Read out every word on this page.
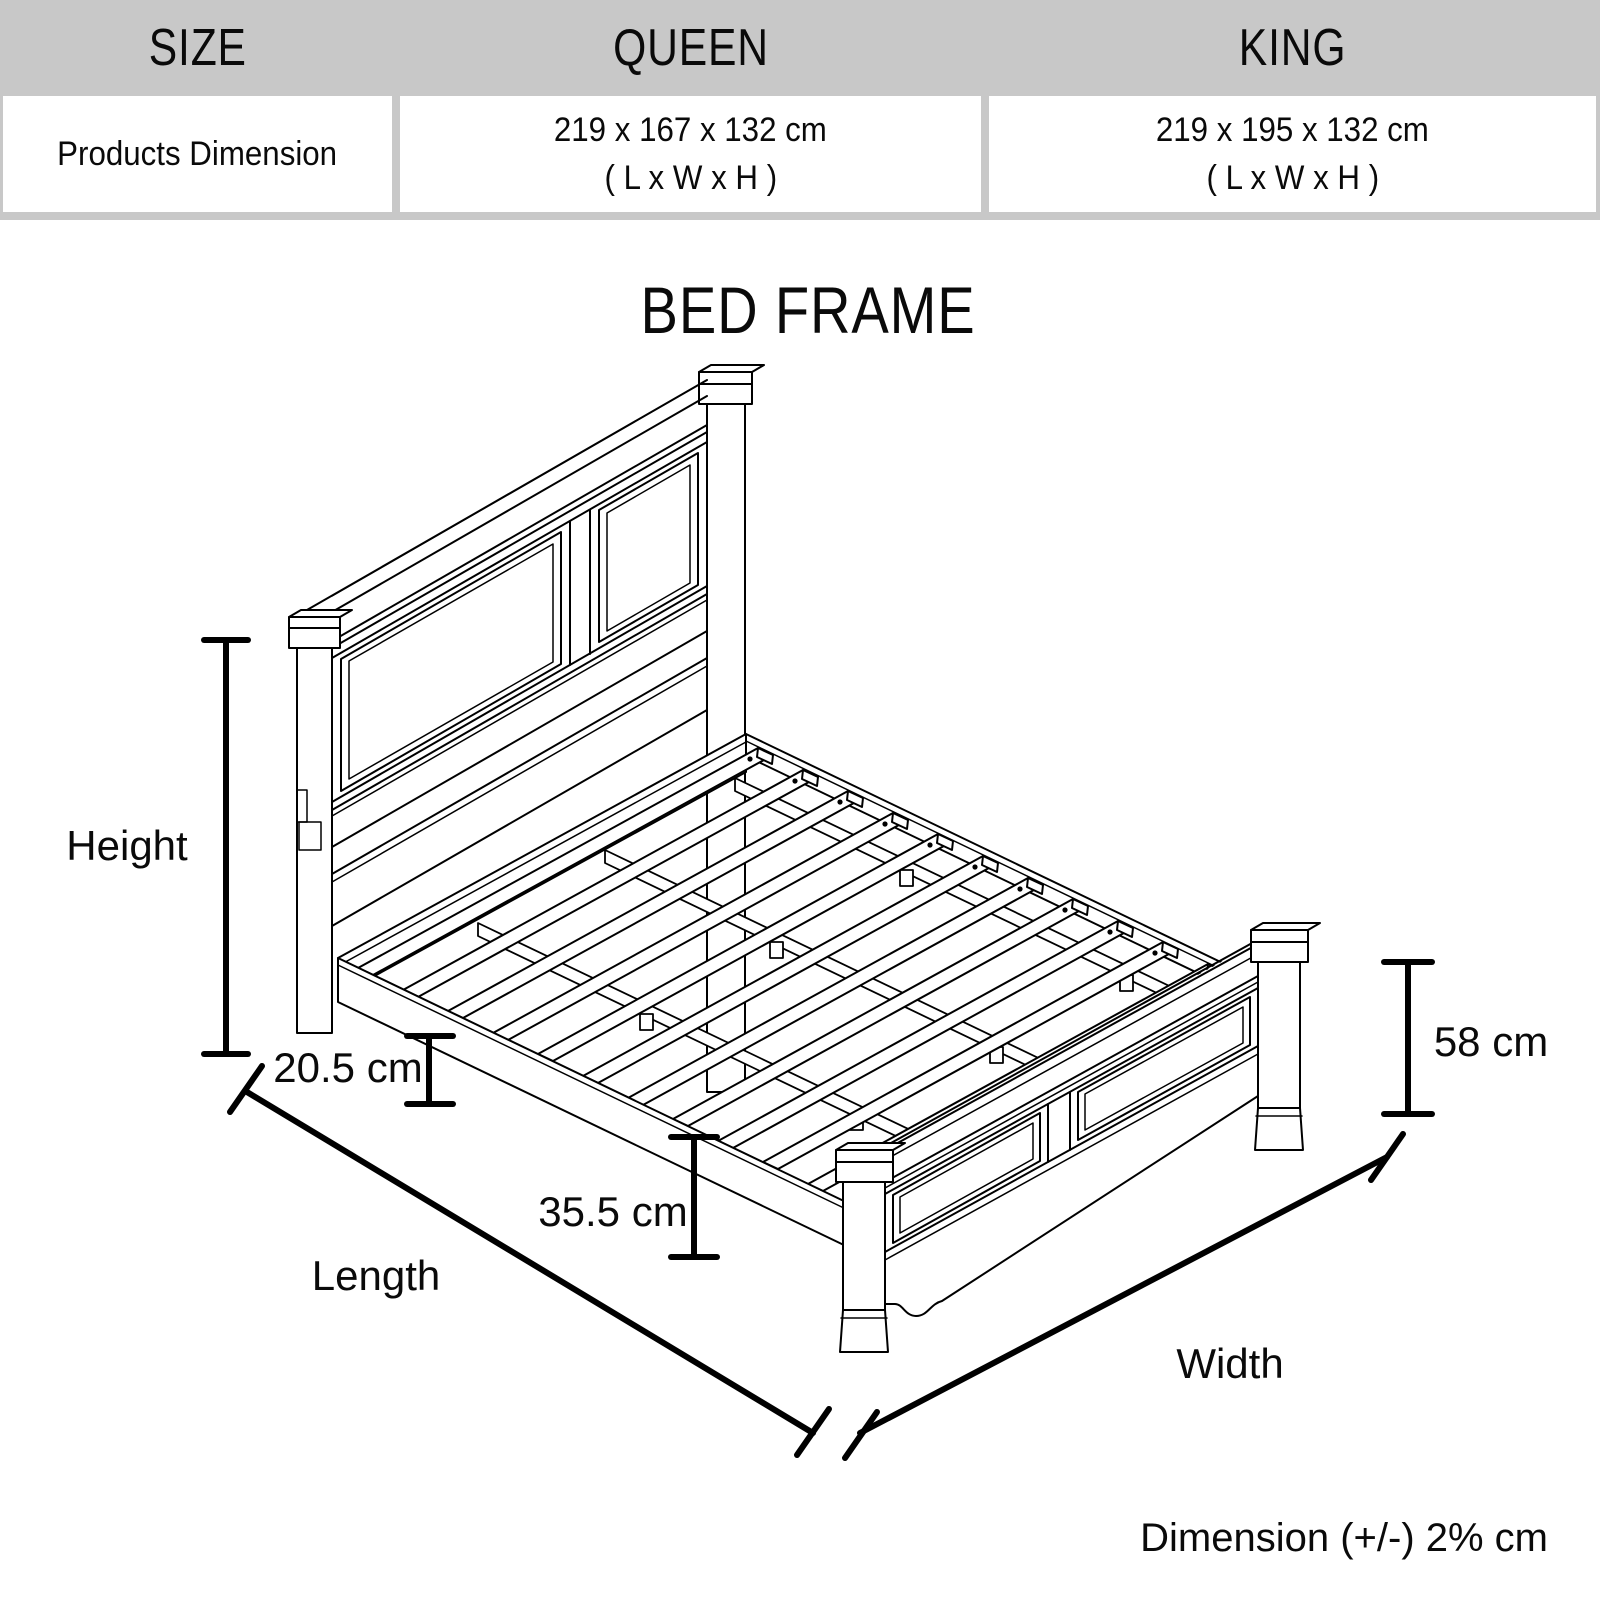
SIZE	QUEEN	KING
Products Dimension
219 x 167 x 132 cm
( L x W x H )
219 x 195 x 132 cm
( L x W x H )
BED FRAME
Height
20.5 cm
35.5 cm
58 cm
Length
Width
Dimension (+/-) 2% cm
